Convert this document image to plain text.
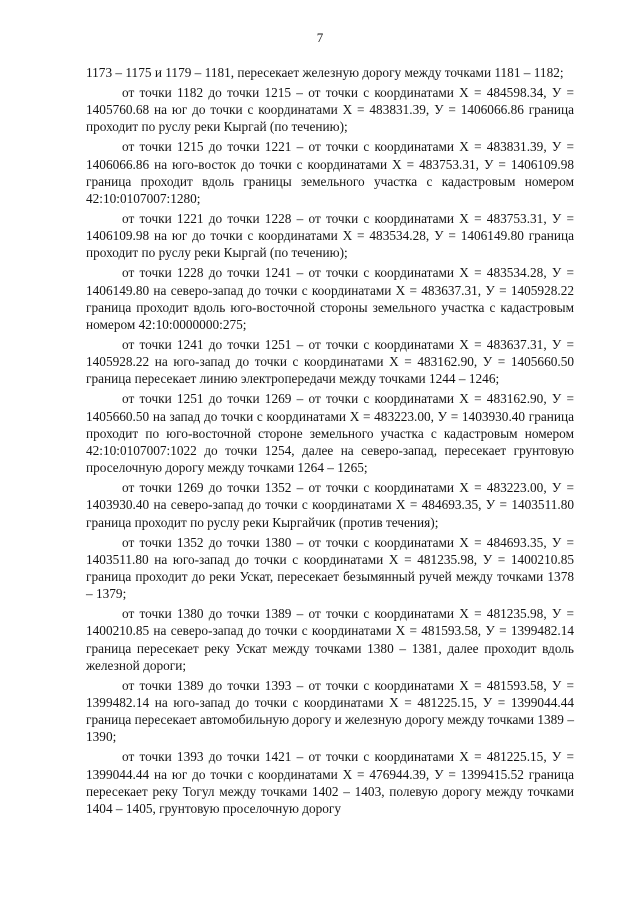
7

1173 – 1175 и 1179 – 1181, пересекает железную дорогу между точками 1181 – 1182;

от точки 1182 до точки 1215 – от точки с координатами Х = 484598.34, У = 1405760.68 на юг до точки с координатами Х = 483831.39, У = 1406066.86 граница проходит по руслу реки Кыргай (по течению);

от точки 1215 до точки 1221 – от точки с координатами Х = 483831.39, У = 1406066.86 на юго-восток до точки с координатами Х = 483753.31, У = 1406109.98 граница проходит вдоль границы земельного участка с кадастровым номером 42:10:0107007:1280;

от точки 1221 до точки 1228 – от точки с координатами Х = 483753.31, У = 1406109.98 на юг до точки с координатами Х = 483534.28, У = 1406149.80 граница проходит по руслу реки Кыргай (по течению);

от точки 1228 до точки 1241 – от точки с координатами Х = 483534.28, У = 1406149.80 на северо-запад до точки с координатами Х = 483637.31, У = 1405928.22 граница проходит вдоль юго-восточной стороны земельного участка с кадастровым номером 42:10:0000000:275;

от точки 1241 до точки 1251 – от точки с координатами Х = 483637.31, У = 1405928.22 на юго-запад до точки с координатами Х = 483162.90, У = 1405660.50 граница пересекает линию электропередачи между точками 1244 – 1246;

от точки 1251 до точки 1269 – от точки с координатами Х = 483162.90, У = 1405660.50 на запад до точки с координатами Х = 483223.00, У = 1403930.40 граница проходит по юго-восточной стороне земельного участка с кадастровым номером 42:10:0107007:1022 до точки 1254, далее на северо-запад, пересекает грунтовую проселочную дорогу между точками 1264 – 1265;

от точки 1269 до точки 1352 – от точки с координатами Х = 483223.00, У = 1403930.40 на северо-запад до точки с координатами Х = 484693.35, У = 1403511.80 граница проходит по руслу реки Кыргайчик (против течения);

от точки 1352 до точки 1380 – от точки с координатами Х = 484693.35, У = 1403511.80 на юго-запад до точки с координатами Х = 481235.98, У = 1400210.85 граница проходит до реки Ускат, пересекает безымянный ручей между точками 1378 – 1379;

от точки 1380 до точки 1389 – от точки с координатами Х = 481235.98, У = 1400210.85 на северо-запад до точки с координатами Х = 481593.58, У = 1399482.14 граница пересекает реку Ускат между точками 1380 – 1381, далее проходит вдоль железной дороги;

от точки 1389 до точки 1393 – от точки с координатами Х = 481593.58, У = 1399482.14 на юго-запад до точки с координатами Х = 481225.15, У = 1399044.44 граница пересекает автомобильную дорогу и железную дорогу между точками 1389 – 1390;

от точки 1393 до точки 1421 – от точки с координатами Х = 481225.15, У = 1399044.44 на юг до точки с координатами Х = 476944.39, У = 1399415.52 граница пересекает реку Тогул между точками 1402 – 1403, полевую дорогу между точками 1404 – 1405, грунтовую проселочную дорогу
